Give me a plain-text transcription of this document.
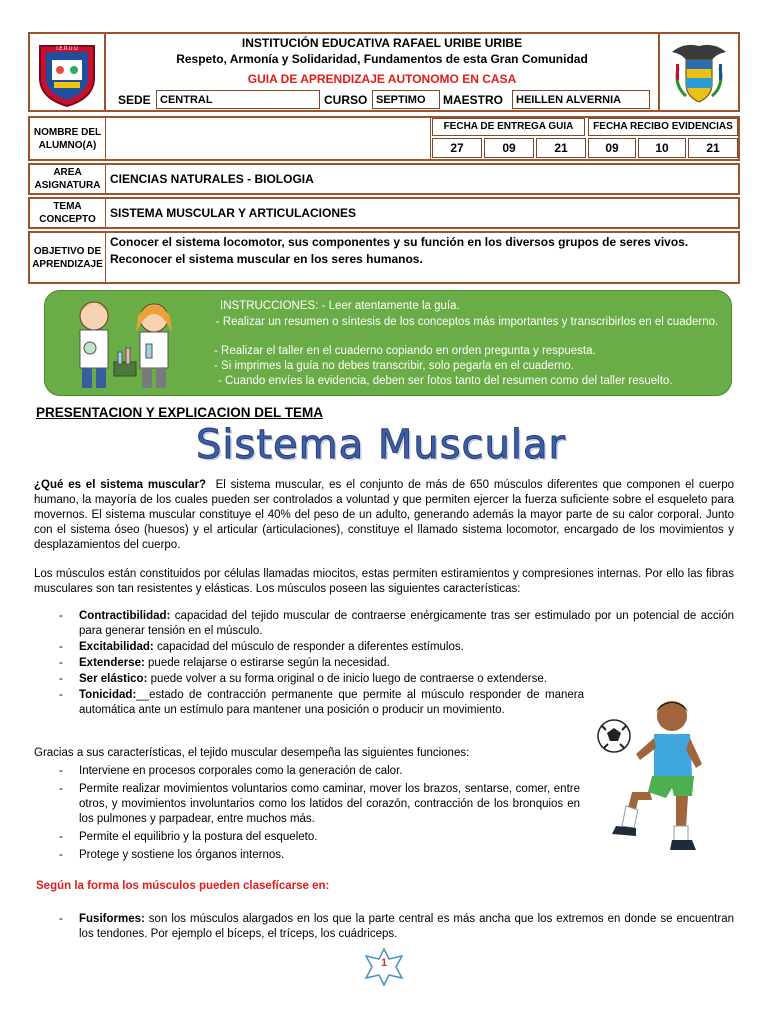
I.E.R.U.U	INSTITUCIÓN EDUCATIVA RAFAEL URIBE URIBE
Respeto, Armonía y Solidaridad, Fundamentos de esta Gran Comunidad
GUIA DE APRENDIZAJE AUTONOMO EN CASA
SEDE CENTRAL	CURSO SEPTIMO	MAESTRO	HEILLEN ALVERNIA
NOMBRE DEL ALUMNO(A)
FECHA DE ENTREGA GUIA
27	09	21
FECHA RECIBO EVIDENCIAS
09	10	21
AREA ASIGNATURA CIENCIAS NATURALES - BIOLOGIA
TEMA CONCEPTO	SISTEMA MUSCULAR Y ARTICULACIONES
OBJETIVO DE APRENDIZAJE
Conocer el sistema locomotor, sus componentes y su función en los diversos grupos de seres vivos.
Reconocer el sistema muscular en los seres humanos.
INSTRUCCIONES: - Leer atentamente la guía.
- Realizar un resumen o síntesis de los conceptos más importantes y transcribirlos en el cuaderno.
- Realizar el taller en el cuaderno copiando en orden pregunta y respuesta.
- Si imprimes la guía no debes transcribir, solo pegarla en el cuaderno.
- Cuando envíes la evidencia, deben ser fotos tanto del resumen como del taller resuelto.
PRESENTACION Y EXPLICACION DEL TEMA
Sistema Muscular
¿Qué es el sistema muscular? El sistema muscular, es el conjunto de más de 650 músculos diferentes que componen el cuerpo humano, la mayoría de los cuales pueden ser controlados a voluntad y que permiten ejercer la fuerza suficiente sobre el esqueleto para movernos. El sistema muscular constituye el 40% del peso de un adulto, generando además la mayor parte de su calor corporal. Junto con el sistema óseo (huesos) y el articular (articulaciones), constituye el llamado sistema locomotor, encargado de los movimientos y desplazamientos del cuerpo.
Los músculos están constituidos por células llamadas miocitos, estas permiten estiramientos y compresiones internas. Por ello las fibras musculares son tan resistentes y elásticas. Los músculos poseen las siguientes características:
- Contractibilidad: capacidad del tejido muscular de contraerse enérgicamente tras ser estimulado por un potencial de acción para generar tensión en el músculo.
- Excitabilidad: capacidad del músculo de responder a diferentes estímulos.
- Extenderse: puede relajarse o estirarse según la necesidad.
- Ser elástico: puede volver a su forma original o de inicio luego de contraerse o extenderse.
- Tonicidad:__estado de contracción permanente que permite al músculo responder de manera automática ante un estímulo para mantener una posición o producir un movimiento.
Gracias a sus características, el tejido muscular desempeña las siguientes funciones:
- Interviene en procesos corporales como la generación de calor.
- Permite realizar movimientos voluntarios como caminar, mover los brazos, sentarse, comer, entre otros, y movimientos involuntarios como los latidos del corazón, contracción de los bronquios en los pulmones y parpadear, entre muchos más.
- Permite el equilibrio y la postura del esqueleto.
- Protege y sostiene los órganos internos.
Según la forma los músculos pueden clasefícarse en:
- Fusiformes: son los músculos alargados en los que la parte central es más ancha que los extremos en donde se encuentran los tendones. Por ejemplo el bíceps, el tríceps, los cuádriceps.
1
